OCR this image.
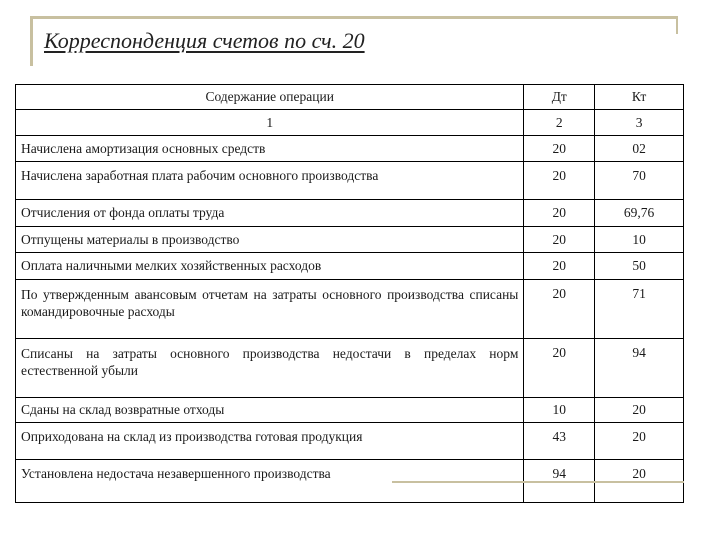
Корреспонденция счетов по сч. 20
Содержание операции	Дт	Кт
1	2	3
Начислена амортизация основных средств	20	02
Начислена заработная плата рабочим основного производства	20	70
Отчисления от фонда оплаты труда	20	69,76
Отпущены материалы в производство	20	10
Оплата наличными мелких хозяйственных расходов	20	50
По утвержденным авансовым отчетам на затраты основного производства списаны командировочные расходы	20	71
Списаны на затраты основного производства недостачи в пределах норм естественной убыли	20	94
Сданы на склад возвратные отходы	10	20
Оприходована на склад из производства готовая продукция	43	20
Установлена недостача незавершенного производства	94	20
